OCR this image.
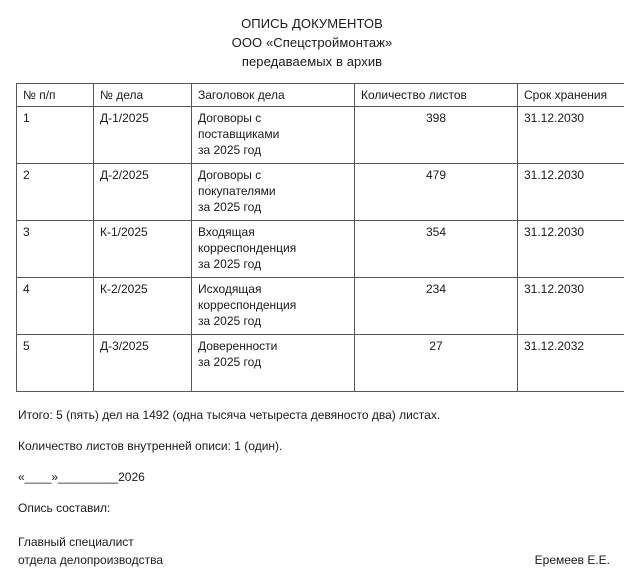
ОПИСЬ ДОКУМЕНТОВ
ООО «Спецстроймонтаж»
передаваемых в архив
№ п/п	№ дела	Заголовок дела	Количество листов	Срок хранения
1	Д-1/2025	Договоры с
поставщиками
за 2025 год	398	31.12.2030
2	Д-2/2025	Договоры с
покупателями
за 2025 год	479	31.12.2030
3	К-1/2025	Входящая
корреспонденция
за 2025 год	354	31.12.2030
4	К-2/2025	Исходящая
корреспонденция
за 2025 год	234	31.12.2030
5	Д-3/2025	Доверенности
за 2025 год	27	31.12.2032
Итого: 5 (пять) дел на 1492 (одна тысяча четыреста девяносто два) листах.
Количество листов внутренней описи: 1 (один).
«____»_________2026
Опись составил:
Главный специалист
отдела делопроизводства	Еремеев Е.Е.
